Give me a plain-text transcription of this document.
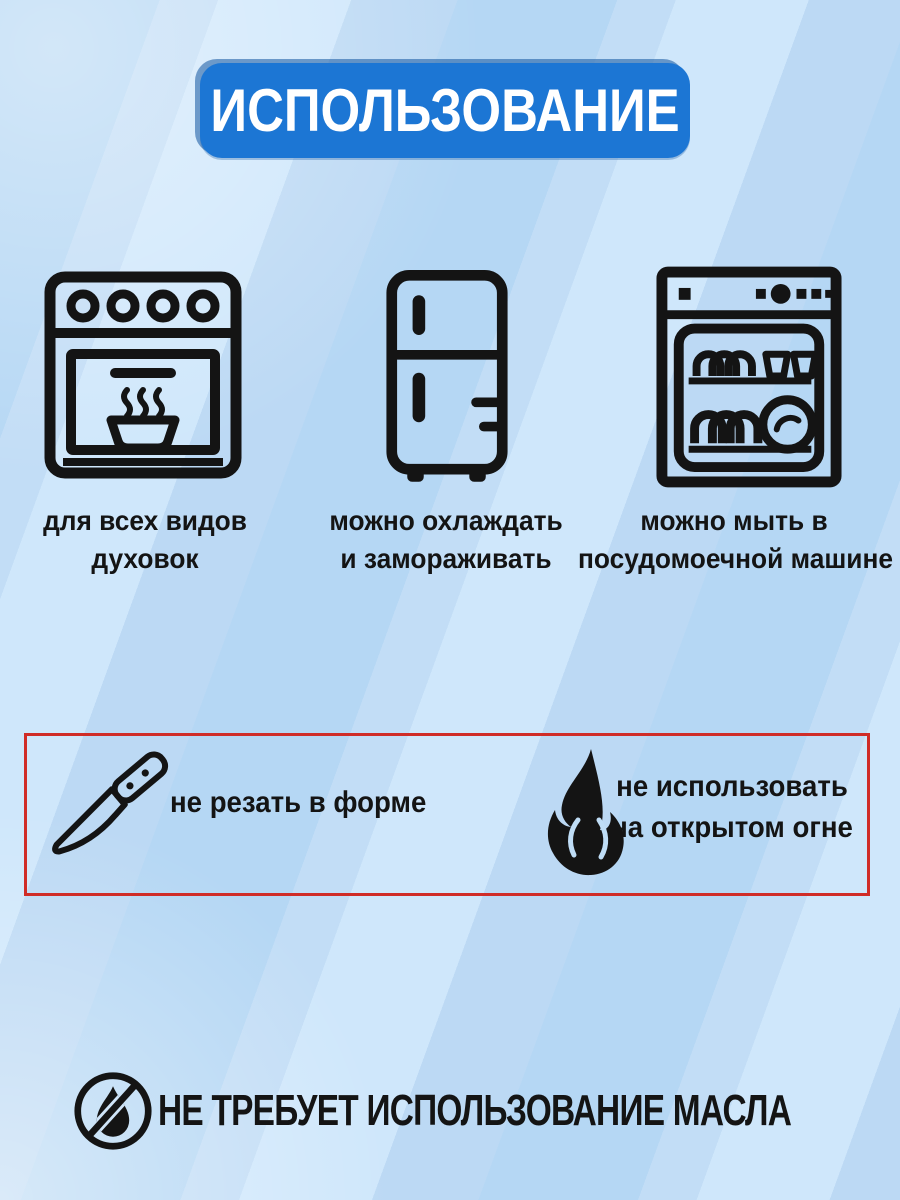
ИСПОЛЬЗОВАНИЕ
для всех видов
духовок
можно охлаждать
и замораживать
можно мыть в
посудомоечной машине
не резать в форме	не использовать
на открытом огне
НЕ ТРЕБУЕТ ИСПОЛЬЗОВАНИЕ МАСЛА
